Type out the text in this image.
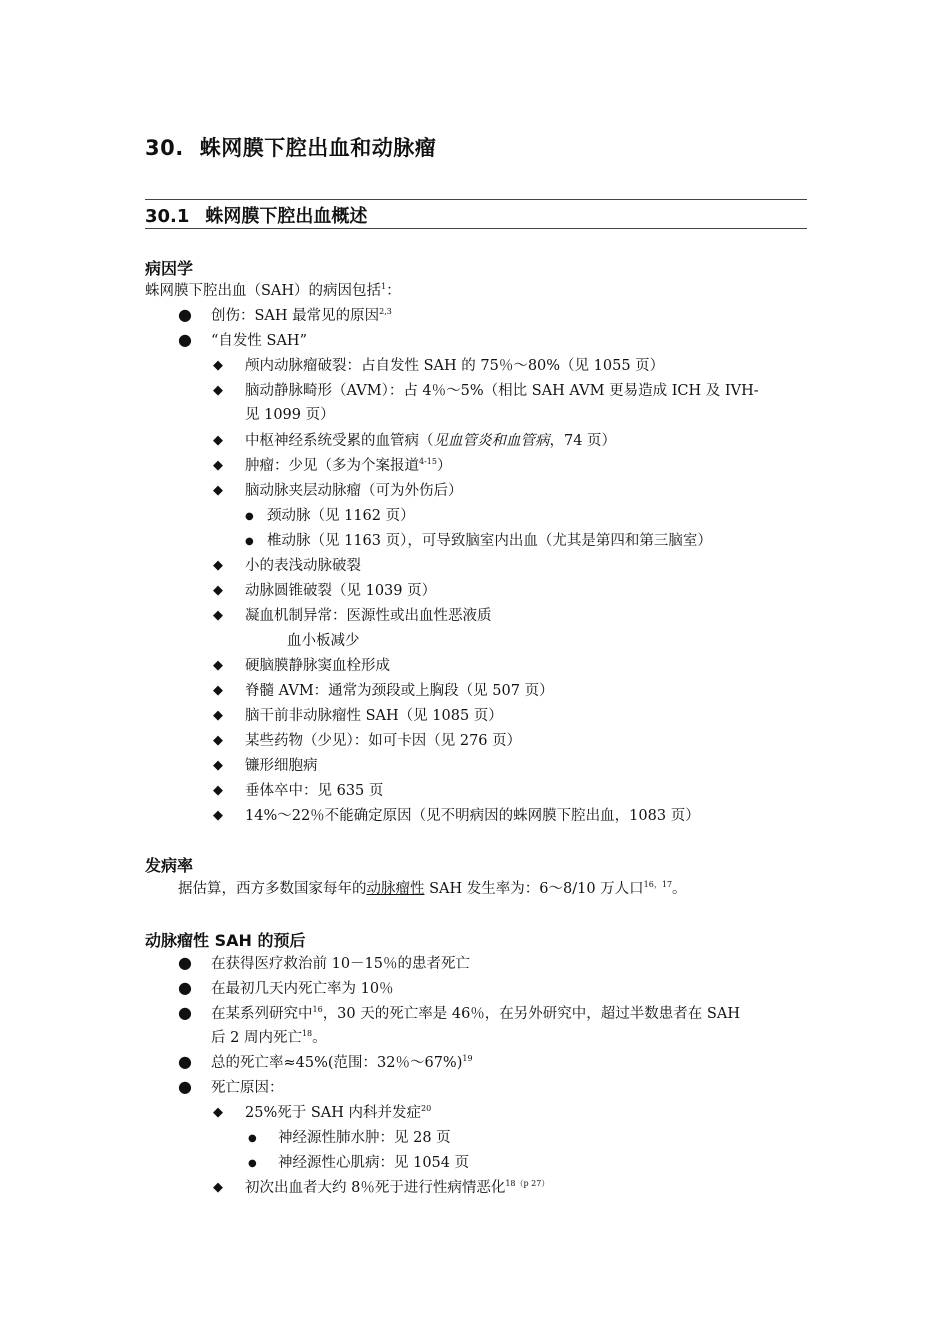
30. 蛛网膜下腔出血和动脉瘤
30.1 蛛网膜下腔出血概述
病因学
蛛网膜下腔出血（SAH）的病因包括$^1$：
● 创伤：SAH 最常见的原因$^{2,3}$
● “自发性 SAH”
◆ 颅内动脉瘤破裂：占自发性 SAH 的 75％～80%（见 1055 页）
◆ 脑动静脉畸形（AVM）：占 4％～5%（相比 SAH AVM 更易造成 ICH 及 IVH-
见 1099 页）
◆ 中枢神经系统受累的血管病（见血管炎和血管病，74 页）
◆ 肿瘤：少见（多为个案报道$^{4-15}$）
◆ 脑动脉夹层动脉瘤（可为外伤后）
● 颈动脉（见 1162 页）
● 椎动脉（见 1163 页），可导致脑室内出血（尤其是第四和第三脑室）
◆ 小的表浅动脉破裂
◆ 动脉圆锥破裂（见 1039 页）
◆ 凝血机制异常：医源性或出血性恶液质
血小板减少
◆ 硬脑膜静脉窦血栓形成
◆ 脊髓 AVM：通常为颈段或上胸段（见 507 页）
◆ 脑干前非动脉瘤性 SAH（见 1085 页）
◆ 某些药物（少见）：如可卡因（见 276 页）
◆ 镰形细胞病
◆ 垂体卒中：见 635 页
◆ 14%～22％不能确定原因（见不明病因的蛛网膜下腔出血，1083 页）
发病率
据估算，西方多数国家每年的动脉瘤性 SAH 发生率为：6～8/10 万人口$^{16,17}$。
动脉瘤性 SAH 的预后
● 在获得医疗救治前 10－15％的患者死亡
● 在最初几天内死亡率为 10％
● 在某系列研究中$^{16}$，30 天的死亡率是 46％，在另外研究中，超过半数患者在 SAH
后 2 周内死亡$^{18}$。
● 总的死亡率≈45%(范围：32％～67%)$^{19}$
● 死亡原因：
◆ 25%死于 SAH 内科并发症$^{20}$
● 神经源性肺水肿：见 28 页
● 神经源性心肌病：见 1054 页
◆ 初次出血者大约 8％死于进行性病情恶化$^{18(p 27)}$
